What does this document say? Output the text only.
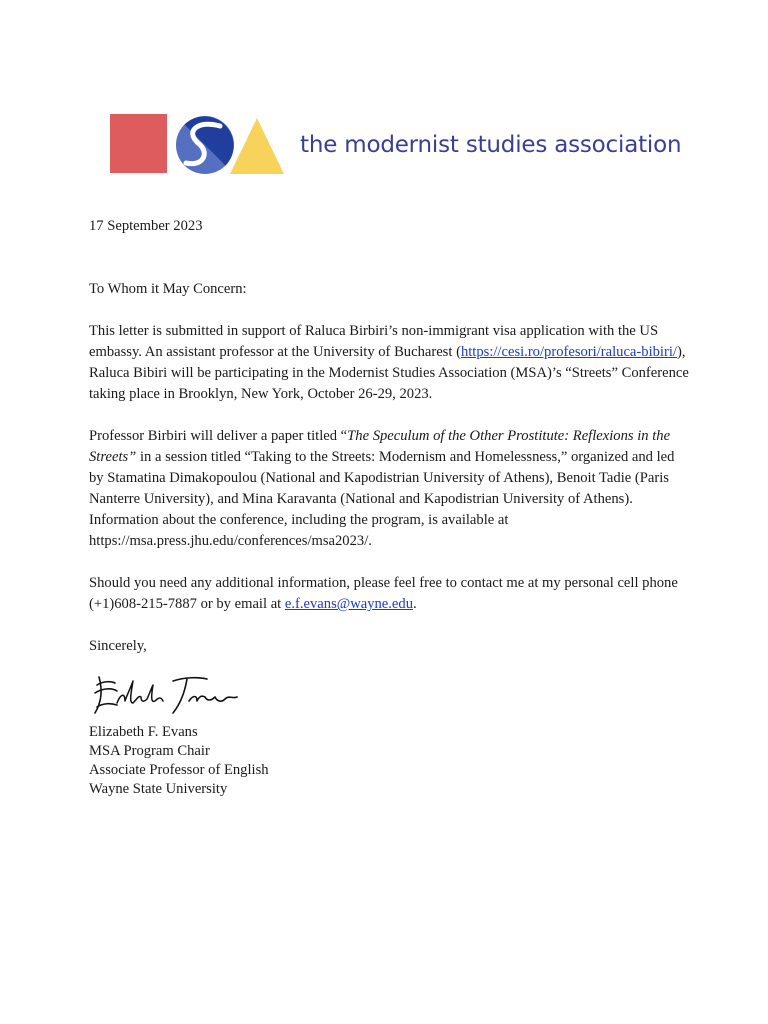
the modernist studies association

17 September 2023

To Whom it May Concern:

This letter is submitted in support of Raluca Birbiri’s non-immigrant visa application with the US embassy. An assistant professor at the University of Bucharest (https://cesi.ro/profesori/raluca-bibiri/), Raluca Bibiri will be participating in the Modernist Studies Association (MSA)’s “Streets” Conference taking place in Brooklyn, New York, October 26-29, 2023.

Professor Birbiri will deliver a paper titled “The Speculum of the Other Prostitute: Reflexions in the Streets” in a session titled “Taking to the Streets: Modernism and Homelessness,” organized and led by Stamatina Dimakopoulou (National and Kapodistrian University of Athens), Benoit Tadie (Paris Nanterre University), and Mina Karavanta (National and Kapodistrian University of Athens). Information about the conference, including the program, is available at https://msa.press.jhu.edu/conferences/msa2023/.

Should you need any additional information, please feel free to contact me at my personal cell phone (+1)608-215-7887 or by email at e.f.evans@wayne.edu.

Sincerely,

Elizabeth F. Evans

MSA Program Chair

Associate Professor of English

Wayne State University
